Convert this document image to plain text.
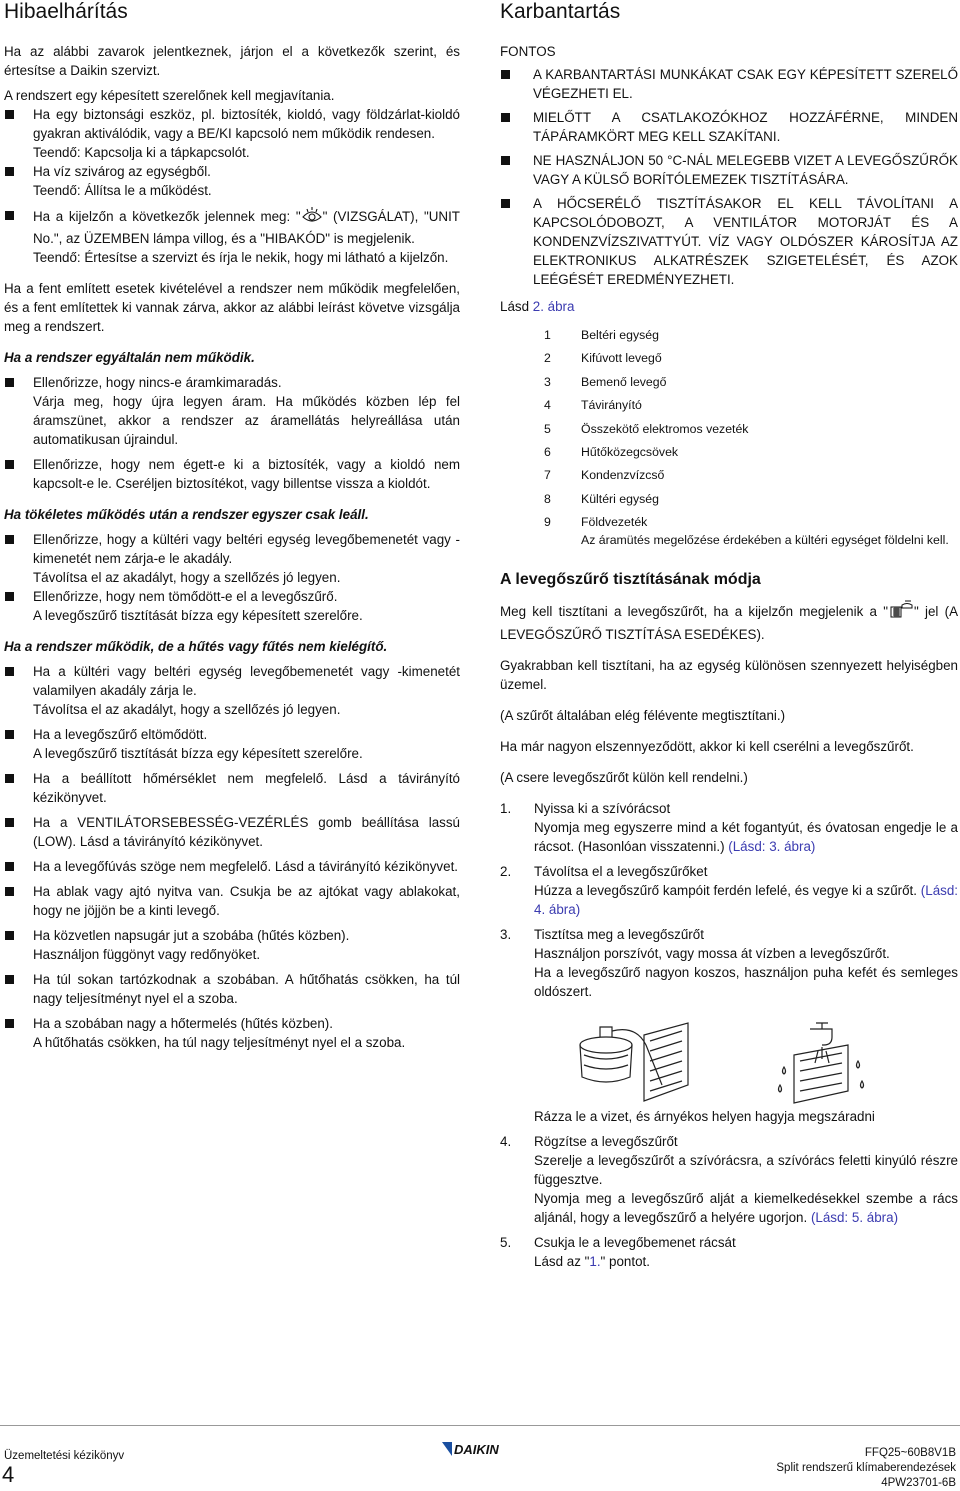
Hibaelhárítás

Ha az alábbi zavarok jelentkeznek, járjon el a következők szerint, és értesítse a Daikin szervizt.

A rendszert egy képesített szerelőnek kell megjavítania.

Ha egy biztonsági eszköz, pl. biztosíték, kioldó, vagy földzárlat-kioldó gyakran aktiválódik, vagy a BE/KI kapcsoló nem működik rendesen.

Teendő: Kapcsolja ki a tápkapcsolót.

Ha víz szivárog az egységből.

Teendő: Állítsa le a működést.

Ha a kijelzőn a következők jelennek meg: " " (VIZSGÁLAT), "UNIT No.", az ÜZEMBEN lámpa villog, és a "HIBAKÓD" is megjelenik.

Teendő: Értesítse a szervizt és írja le nekik, hogy mi látható a kijelzőn.

Ha a fent említett esetek kivételével a rendszer nem működik megfelelően, és a fent említettek ki vannak zárva, akkor az alábbi leírást követve vizsgálja meg a rendszert.

Ha a rendszer egyáltalán nem működik.

Ellenőrizze, hogy nincs-e áramkimaradás.

Várja meg, hogy újra legyen áram. Ha működés közben lép fel áramszünet, akkor a rendszer az áramellátás helyreállása után automatikusan újraindul.

Ellenőrizze, hogy nem égett-e ki a biztosíték, vagy a kioldó nem kapcsolt-e le. Cseréljen biztosítékot, vagy billentse vissza a kioldót.

Ha tökéletes működés után a rendszer egyszer csak leáll.

Ellenőrizze, hogy a kültéri vagy beltéri egység levegőbemenetét vagy -kimenetét nem zárja-e le akadály.

Távolítsa el az akadályt, hogy a szellőzés jó legyen.

Ellenőrizze, hogy nem tömődött-e el a levegőszűrő.

A levegőszűrő tisztítását bízza egy képesített szerelőre.

Ha a rendszer működik, de a hűtés vagy fűtés nem kielégítő.

Ha a kültéri vagy beltéri egység levegőbemenetét vagy -kimenetét valamilyen akadály zárja le.

Távolítsa el az akadályt, hogy a szellőzés jó legyen.

Ha a levegőszűrő eltömődött.

A levegőszűrő tisztítását bízza egy képesített szerelőre.

Ha a beállított hőmérséklet nem megfelelő. Lásd a távirányító kézikönyvet.

Ha a VENTILÁTORSEBESSÉG-VEZÉRLÉS gomb beállítása lassú (LOW). Lásd a távirányító kézikönyvet.

Ha a levegőfúvás szöge nem megfelelő. Lásd a távirányító kézikönyvet.

Ha ablak vagy ajtó nyitva van. Csukja be az ajtókat vagy ablakokat, hogy ne jöjjön be a kinti levegő.

Ha közvetlen napsugár jut a szobába (hűtés közben).

Használjon függönyt vagy redőnyöket.

Ha túl sokan tartózkodnak a szobában. A hűtőhatás csökken, ha túl nagy teljesítményt nyel el a szoba.

Ha a szobában nagy a hőtermelés (hűtés közben).

A hűtőhatás csökken, ha túl nagy teljesítményt nyel el a szoba.

Karbantartás

FONTOS

A KARBANTARTÁSI MUNKÁKAT CSAK EGY KÉPESÍTETT SZERELŐ VÉGEZHETI EL.

MIELŐTT A CSATLAKOZÓKHOZ HOZZÁFÉRNE, MINDEN TÁPÁRAMKÖRT MEG KELL SZAKÍTANI.

NE HASZNÁLJON 50 °C-NÁL MELEGEBB VIZET A LEVEGŐSZŰRŐK VAGY A KÜLSŐ BORÍTÓLEMEZEK TISZTÍTÁSÁRA.

A HŐCSERÉLŐ TISZTÍTÁSAKOR EL KELL TÁVOLÍTANI A KAPCSOLÓDOBOZT, A VENTILÁTOR MOTORJÁT ÉS A KONDENZVÍZSZIVATTYÚT. VÍZ VAGY OLDÓSZER KÁROSÍTJA AZ ELEKTRONIKUS ALKATRÉSZEK SZIGETELÉSÉT, ÉS AZOK LEÉGÉSÉT EREDMÉNYEZHETI.

Lásd 2. ábra

1	Beltéri egység
2	Kifúvott levegő
3	Bemenő levegő
4	Távirányító
5	Összekötő elektromos vezeték
6	Hűtőközegcsövek
7	Kondenzvízcső
8	Kültéri egység
9	Földvezeték
Az áramütés megelőzése érdekében a kültéri egységet földelni kell.
A levegőszűrő tisztításának módja

Meg kell tisztítani a levegőszűrőt, ha a kijelzőn megjelenik a " " jel (A LEVEGŐSZŰRŐ TISZTÍTÁSA ESEDÉKES).

Gyakrabban kell tisztítani, ha az egység különösen szennyezett helyiségben üzemel.

(A szűrőt általában elég félévente megtisztítani.)

Ha már nagyon elszennyeződött, akkor ki kell cserélni a levegőszűrőt.

(A csere levegőszűrőt külön kell rendelni.)

1. Nyissa ki a szívórácsot

Nyomja meg egyszerre mind a két fogantyút, és óvatosan engedje le a rácsot. (Hasonlóan visszatenni.) (Lásd: 3. ábra)

2. Távolítsa el a levegőszűrőket

Húzza a levegőszűrő kampóit ferdén lefelé, és vegye ki a szűrőt. (Lásd: 4. ábra)

3. Tisztítsa meg a levegőszűrőt

Használjon porszívót, vagy mossa át vízben a levegőszűrőt.

Ha a levegőszűrő nagyon koszos, használjon puha kefét és semleges oldószert.

Rázza le a vizet, és árnyékos helyen hagyja megszáradni
4. Rögzítse a levegőszűrőt

Szerelje a levegőszűrőt a szívórácsra, a szívórács feletti kinyúló részre függesztve.

Nyomja meg a levegőszűrő alját a kiemelkedésekkel szembe a rács aljánál, hogy a levegőszűrő a helyére ugorjon. (Lásd: 5. ábra)

5. Csukja le a levegőbemenet rácsát

Lásd az "1." pontot.

Üzemeltetési kézikönyv
4
DAIKIN	FFQ25~60B8V1B
Split rendszerű klímaberendezések
4PW23701-6B
